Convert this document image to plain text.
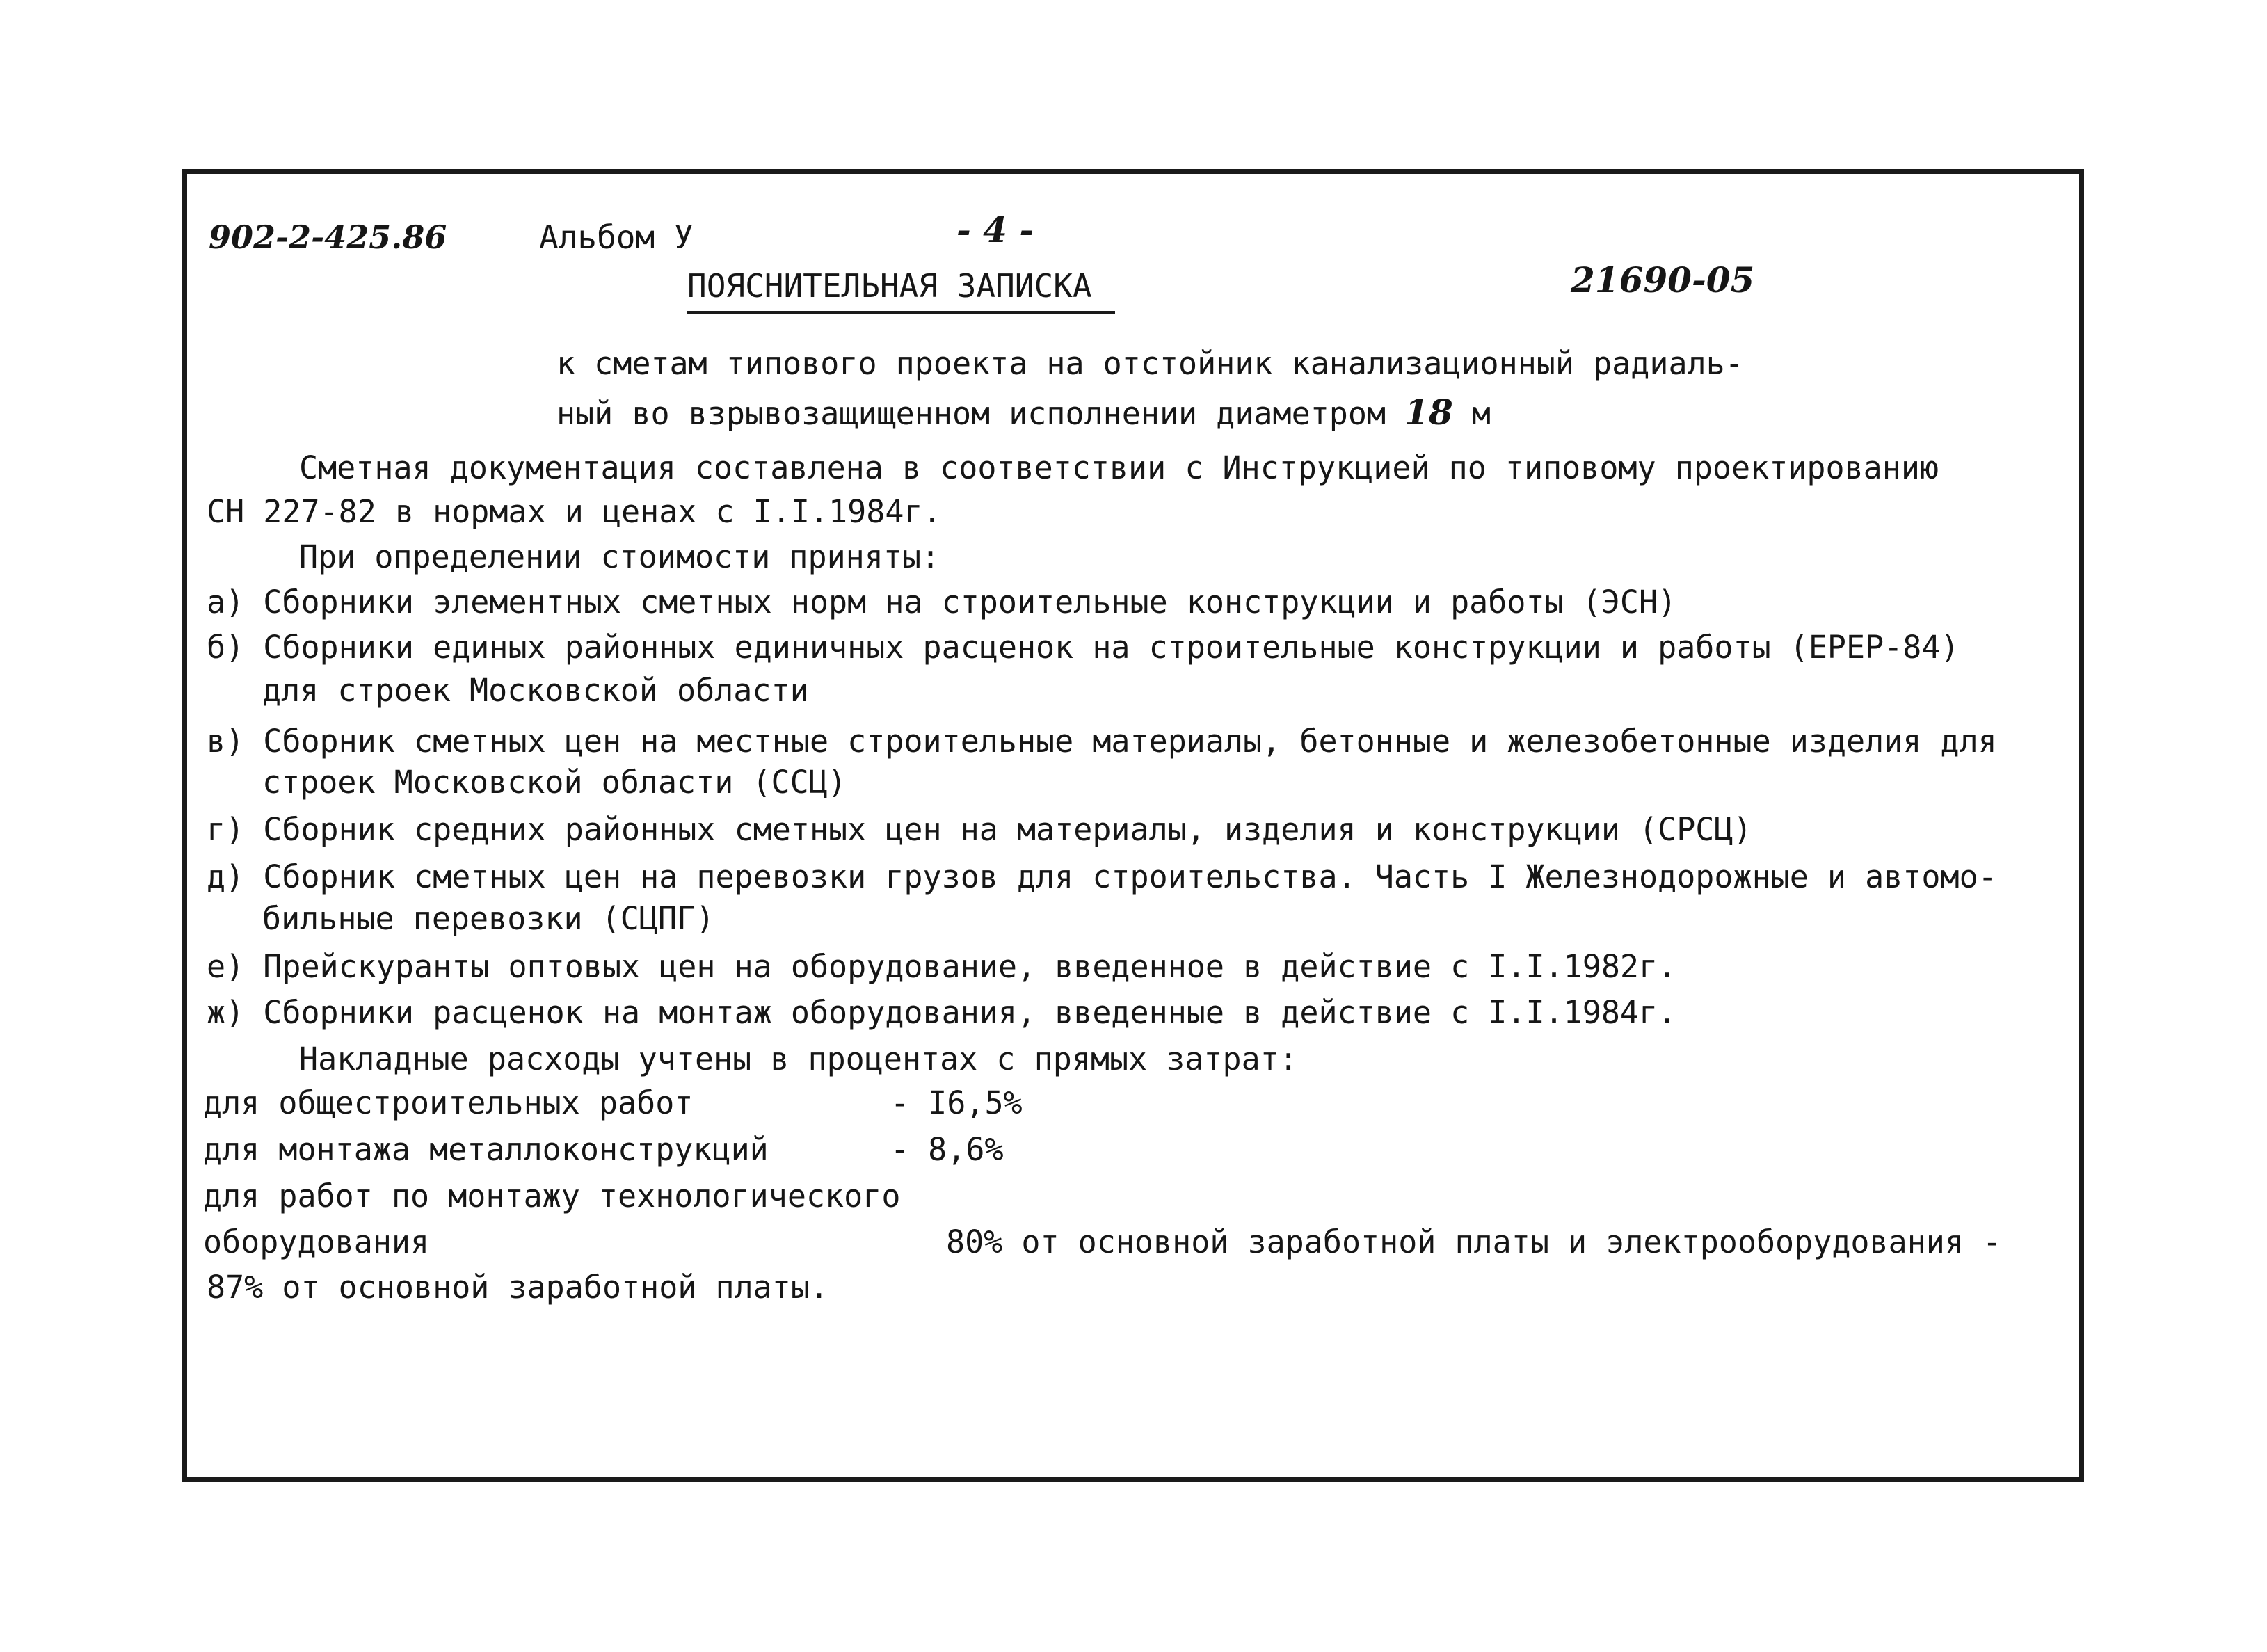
902-2-425.86	Альбом У	- 4 -
ПОЯСНИТЕЛЬНАЯ ЗАПИСКА	21690-05
к сметам типового проекта на отстойник канализационный радиаль-
ный во взрывозащищенном исполнении диаметром 18 м
Сметная документация составлена в соответствии с Инструкцией по типовому проектированию
СН 227-82 в нормах и ценах с I.I.1984г.
При определении стоимости приняты:
а) Сборники элементных сметных норм на строительные конструкции и работы (ЭСН)
б) Сборники единых районных единичных расценок на строительные конструкции и работы (ЕРЕР-84)
для строек Московской области
в) Сборник сметных цен на местные строительные материалы, бетонные и железобетонные изделия для
строек Московской области (ССЦ)
г) Сборник средних районных сметных цен на материалы, изделия и конструкции (СРСЦ)
д) Сборник сметных цен на перевозки грузов для строительства. Часть I Железнодорожные и автомо-
бильные перевозки (СЦПГ)
е) Прейскуранты оптовых цен на оборудование, введенное в действие с I.I.1982г.
ж) Сборники расценок на монтаж оборудования, введенные в действие с I.I.1984г.
Накладные расходы учтены в процентах с прямых затрат:
для общестроительных работ	- I6,5%
для монтажа металлоконструкций	- 8,6%
для работ по монтажу технологического
оборудования	80% от основной заработной платы и электрооборудования -
87% от основной заработной платы.
